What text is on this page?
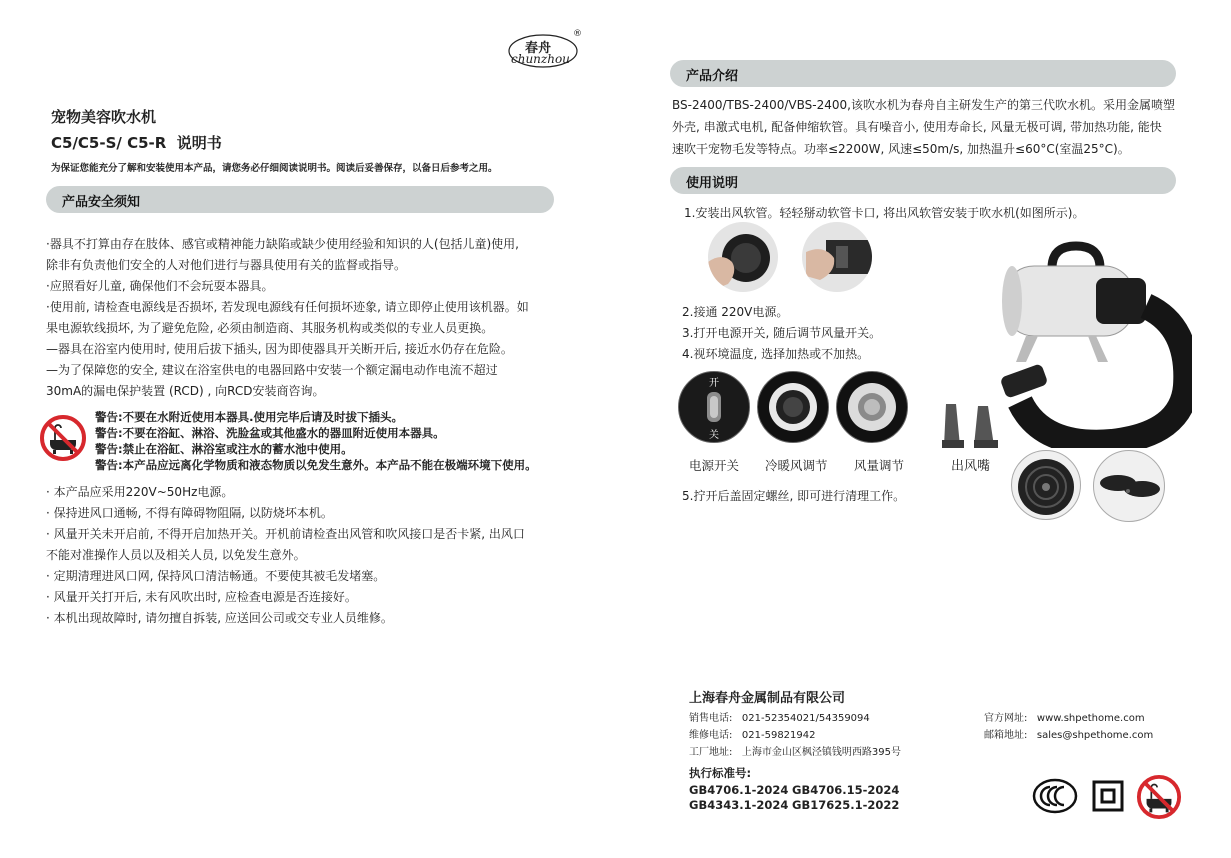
春舟
chunzhou
®
宠物美容吹水机
C5/C5-S/ C5-R  说明书
为保证您能充分了解和安装使用本产品，请您务必仔细阅读说明书。阅读后妥善保存，以备日后参考之用。
产品安全须知
·器具不打算由存在肢体、感官或精神能力缺陷或缺少使用经验和知识的人(包括儿童)使用,
除非有负责他们安全的人对他们进行与器具使用有关的监督或指导。
·应照看好儿童, 确保他们不会玩耍本器具。
·使用前, 请检查电源线是否损坏, 若发现电源线有任何损坏迹象, 请立即停止使用该机器。如
果电源软线损坏, 为了避免危险, 必须由制造商、其服务机构或类似的专业人员更换。
—器具在浴室内使用时, 使用后拔下插头, 因为即使器具开关断开后, 接近水仍存在危险。
—为了保障您的安全, 建议在浴室供电的电器回路中安装一个额定漏电动作电流不超过
30mA的漏电保护装置 (RCD) , 向RCD安装商咨询。
警告:不要在水附近使用本器具.使用完毕后请及时拔下插头。
警告:不要在浴缸、淋浴、洗脸盆或其他盛水的器皿附近使用本器具。
警告:禁止在浴缸、淋浴室或注水的蓄水池中使用。
警告:本产品应远离化学物质和液态物质以免发生意外。本产品不能在极端环境下使用。
· 本产品应采用220V~50Hz电源。
· 保持进风口通畅, 不得有障碍物阻隔, 以防烧坏本机。
· 风量开关未开启前, 不得开启加热开关。开机前请检查出风管和吹风接口是否卡紧, 出风口
不能对准操作人员以及相关人员, 以免发生意外。
· 定期清理进风口网, 保持风口清洁畅通。不要使其被毛发堵塞。
· 风量开关打开后, 未有风吹出时, 应检查电源是否连接好。
· 本机出现故障时, 请勿擅自拆装, 应送回公司或交专业人员维修。
产品介绍
BS-2400/TBS-2400/VBS-2400,该吹水机为春舟自主研发生产的第三代吹水机。采用金属喷塑
外壳, 串激式电机, 配备伸缩软管。具有噪音小, 使用寿命长, 风量无极可调, 带加热功能, 能快
速吹干宠物毛发等特点。功率≤2200W, 风速≤50m/s, 加热温升≤60°C(室温25°C)。
使用说明
1.安装出风软管。轻轻掰动软管卡口, 将出风软管安装于吹水机(如图所示)。
2.接通 220V电源。
3.打开电源开关, 随后调节风量开关。
4.视环境温度, 选择加热或不加热。
开
关
电源开关 冷暖风调节 风量调节	出风嘴
5.拧开后盖固定螺丝, 即可进行清理工作。
上海春舟金属制品有限公司
销售电话:   021-52354021/54359094
维修电话:   021-59821942
工厂地址:   上海市金山区枫泾镇钱明西路395号
官方网址:   www.shpethome.com
邮箱地址:   sales@shpethome.com
执行标准号:
GB4706.1-2024 GB4706.15-2024
GB4343.1-2024 GB17625.1-2022
